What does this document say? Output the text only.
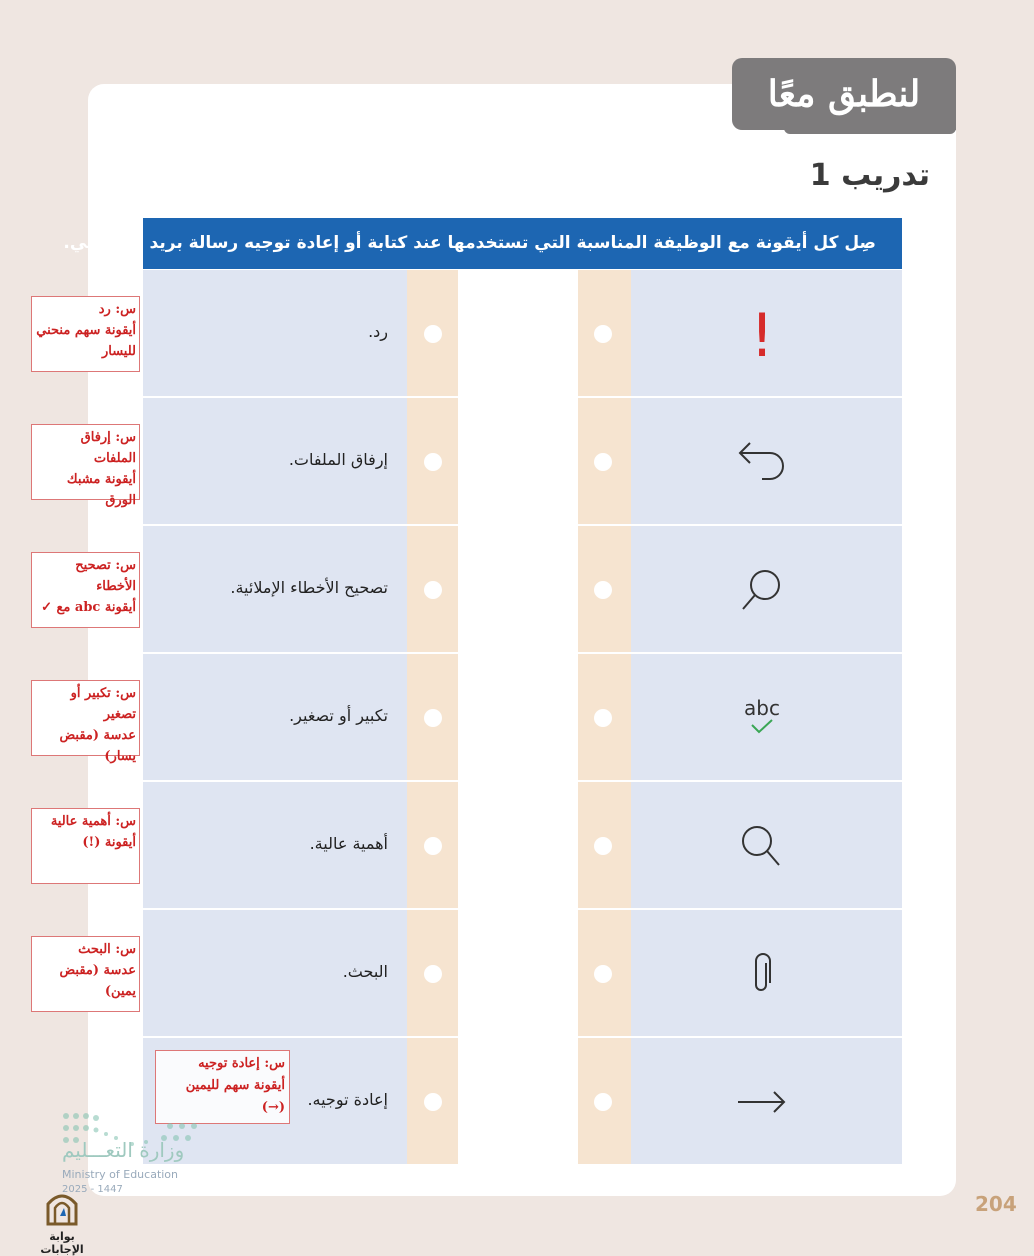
لنطبق معًا
تدريب 1
صِل كل أيقونة مع الوظيفة المناسبة التي تستخدمها عند كتابة أو إعادة توجيه رسالة بريد إلكتروني.
رد.	!
س: رد
أيقونة سهم منحني
لليسار
إرفاق الملفات.
س: إرفاق الملفات
أيقونة مشبك
الورق
تصحيح الأخطاء الإملائية.
س: تصحيح
الأخطاء
أيقونة abc مع ✓
تكبير أو تصغير.	abc
س: تكبير أو تصغير
عدسة (مقبض
يسار)
أهمية عالية.
س: أهمية عالية
أيقونة (!)
البحث.
س: البحث
عدسة (مقبض
يمين)
إعادة توجيه.
س: إعادة توجيه
أيقونة سهم لليمين
(→)
وزارة التعـــليم
Ministry of Education
2025 - 1447
بوابة الإجابات
204
